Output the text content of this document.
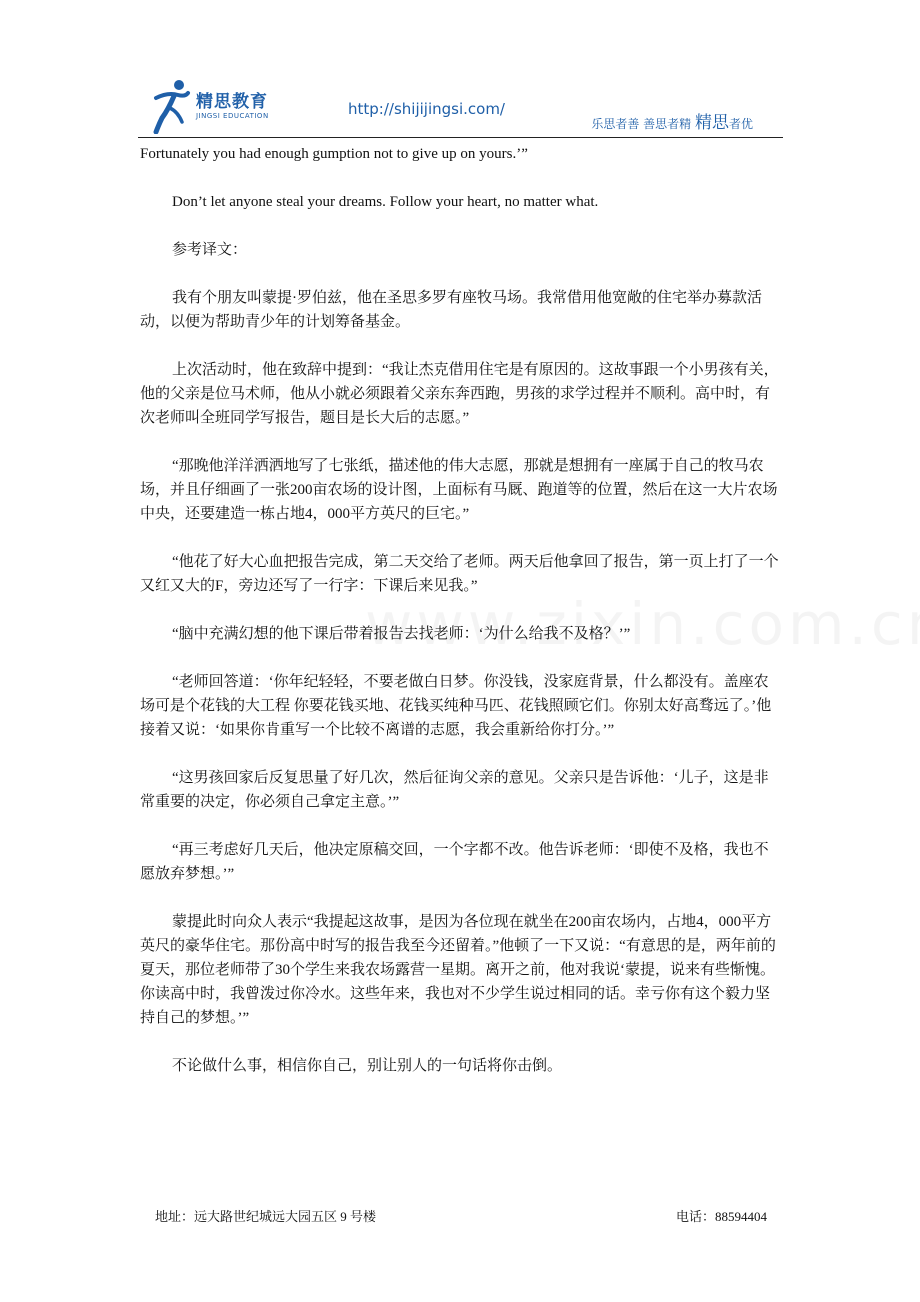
精思教育
JINGSI EDUCATION	http://shijijingsi.com/
乐思者善 善思者精 精思者优

Fortunately you had enough gumption not to give up on yours.’”

Don’t let anyone steal your dreams. Follow your heart, no matter what.

参考译文：

我有个朋友叫蒙提·罗伯兹，他在圣思多罗有座牧马场。我常借用他宽敞的住宅举办募款活动，以便为帮助青少年的计划筹备基金。

上次活动时，他在致辞中提到：“我让杰克借用住宅是有原因的。这故事跟一个小男孩有关，他的父亲是位马术师，他从小就必须跟着父亲东奔西跑，男孩的求学过程并不顺利。高中时，有次老师叫全班同学写报告，题目是长大后的志愿。”

“那晚他洋洋洒洒地写了七张纸，描述他的伟大志愿，那就是想拥有一座属于自己的牧马农场，并且仔细画了一张200亩农场的设计图，上面标有马厩、跑道等的位置，然后在这一大片农场中央，还要建造一栋占地4，000平方英尺的巨宅。”

“他花了好大心血把报告完成，第二天交给了老师。两天后他拿回了报告，第一页上打了一个又红又大的F，旁边还写了一行字：下课后来见我。”

“脑中充满幻想的他下课后带着报告去找老师：‘为什么给我不及格？’”

“老师回答道：‘你年纪轻轻，不要老做白日梦。你没钱，没家庭背景，什么都没有。盖座农场可是个花钱的大工程 你要花钱买地、花钱买纯种马匹、花钱照顾它们。你别太好高骛远了。’他接着又说：‘如果你肯重写一个比较不离谱的志愿，我会重新给你打分。’”

“这男孩回家后反复思量了好几次，然后征询父亲的意见。父亲只是告诉他：‘儿子，这是非常重要的决定，你必须自己拿定主意。’”

“再三考虑好几天后，他决定原稿交回，一个字都不改。他告诉老师：‘即使不及格，我也不愿放弃梦想。’”

蒙提此时向众人表示“我提起这故事，是因为各位现在就坐在200亩农场内，占地4，000平方英尺的豪华住宅。那份高中时写的报告我至今还留着。”他顿了一下又说：“有意思的是，两年前的夏天，那位老师带了30个学生来我农场露营一星期。离开之前，他对我说‘蒙提，说来有些惭愧。你读高中时，我曾泼过你冷水。这些年来，我也对不少学生说过相同的话。幸亏你有这个毅力坚持自己的梦想。’”

不论做什么事，相信你自己，别让别人的一句话将你击倒。

地址：远大路世纪城远大园五区 9 号楼	电话：88594404
